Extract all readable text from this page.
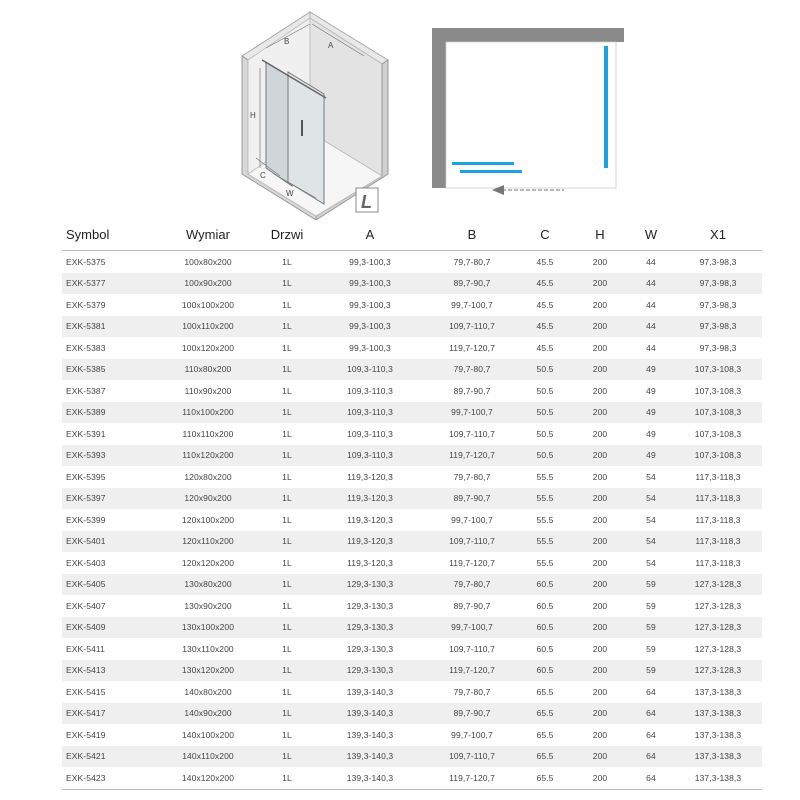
B	A
H
C
W	L
Symbol	Wymiar	Drzwi	A	B	C	H	W	X1
EXK-5375	100x80x200	1L	99,3-100,3	79,7-80,7	45.5	200	44	97,3-98,3
EXK-5377	100x90x200	1L	99,3-100,3	89,7-90,7	45.5	200	44	97,3-98,3
EXK-5379	100x100x200	1L	99,3-100,3	99,7-100,7	45.5	200	44	97,3-98,3
EXK-5381	100x110x200	1L	99,3-100,3	109,7-110,7	45.5	200	44	97,3-98,3
EXK-5383	100x120x200	1L	99,3-100,3	119,7-120,7	45.5	200	44	97,3-98,3
EXK-5385	110x80x200	1L	109,3-110,3	79,7-80,7	50.5	200	49	107,3-108,3
EXK-5387	110x90x200	1L	109,3-110,3	89,7-90,7	50.5	200	49	107,3-108,3
EXK-5389	110x100x200	1L	109,3-110,3	99,7-100,7	50.5	200	49	107,3-108,3
EXK-5391	110x110x200	1L	109,3-110,3	109,7-110,7	50.5	200	49	107,3-108,3
EXK-5393	110x120x200	1L	109,3-110,3	119,7-120,7	50.5	200	49	107,3-108,3
EXK-5395	120x80x200	1L	119,3-120,3	79,7-80,7	55.5	200	54	117,3-118,3
EXK-5397	120x90x200	1L	119,3-120,3	89,7-90,7	55.5	200	54	117,3-118,3
EXK-5399	120x100x200	1L	119,3-120,3	99,7-100,7	55.5	200	54	117,3-118,3
EXK-5401	120x110x200	1L	119,3-120,3	109,7-110,7	55.5	200	54	117,3-118,3
EXK-5403	120x120x200	1L	119,3-120,3	119,7-120,7	55.5	200	54	117,3-118,3
EXK-5405	130x80x200	1L	129,3-130,3	79,7-80,7	60.5	200	59	127,3-128,3
EXK-5407	130x90x200	1L	129,3-130,3	89,7-90,7	60.5	200	59	127,3-128,3
EXK-5409	130x100x200	1L	129,3-130,3	99,7-100,7	60.5	200	59	127,3-128,3
EXK-5411	130x110x200	1L	129,3-130,3	109,7-110,7	60.5	200	59	127,3-128,3
EXK-5413	130x120x200	1L	129,3-130,3	119,7-120,7	60.5	200	59	127,3-128,3
EXK-5415	140x80x200	1L	139,3-140,3	79,7-80,7	65.5	200	64	137,3-138,3
EXK-5417	140x90x200	1L	139,3-140,3	89,7-90,7	65.5	200	64	137,3-138,3
EXK-5419	140x100x200	1L	139,3-140,3	99,7-100,7	65.5	200	64	137,3-138,3
EXK-5421	140x110x200	1L	139,3-140,3	109,7-110,7	65.5	200	64	137,3-138,3
EXK-5423	140x120x200	1L	139,3-140,3	119,7-120,7	65.5	200	64	137,3-138,3
